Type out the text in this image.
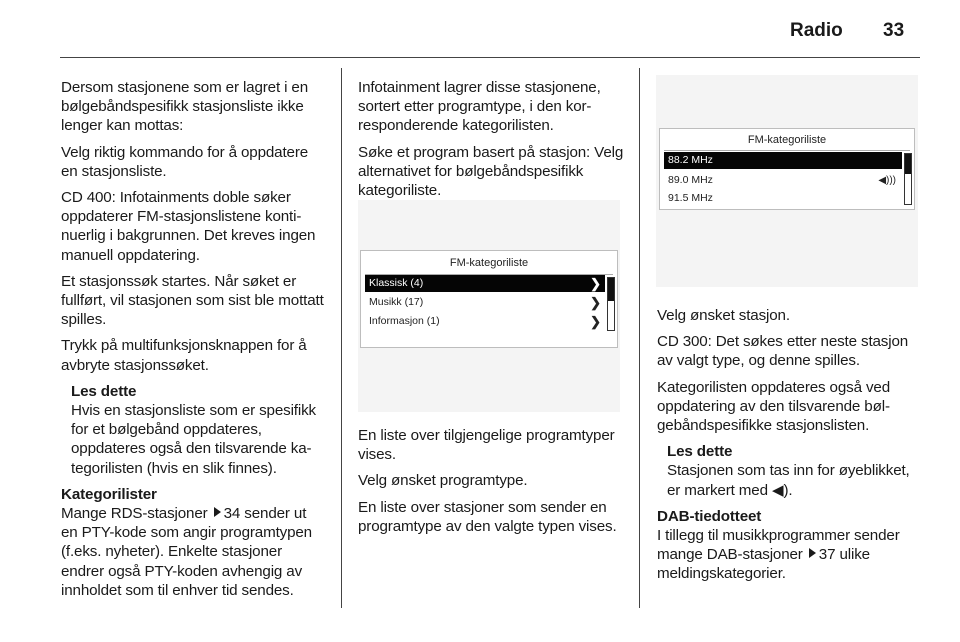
Radio 33

Dersom stasjonene som er lagret i en bølgebåndspesifikk stasjonsliste ikke lenger kan mottas:

Velg riktig kommando for å oppdatere en stasjonsliste.

CD 400: Infotainments doble søker oppdaterer FM-stasjonslistene kontinuerlig i bakgrunnen. Det kreves ingen manuell oppdatering.

Et stasjonssøk startes. Når søket er fullført, vil stasjonen som sist ble mottatt spilles.

Trykk på multifunksjonsknappen for å avbryte stasjonssøket.

Les dette
Hvis en stasjonsliste som er spesifikk for et bølgebånd oppdateres, oppdateres også den tilsvarende kategorilisten (hvis en slik finnes).
Kategorilister

Mange RDS-stasjoner 34 sender ut en PTY-kode som angir programtypen (f.eks. nyheter). Enkelte stasjoner endrer også PTY-koden avhengig av innholdet som til enhver tid sendes.

Infotainment lagrer disse stasjonene, sortert etter programtype, i den korresponderende kategorilisten.

Søke et program basert på stasjon: Velg alternativet for bølgebåndspesifikk kategoriliste.

FM-kategoriliste
Klassisk (4)	❯
Musikk (17)	❯
Informasjon (1)	❯

En liste over tilgjengelige programtyper vises.

Velg ønsket programtype.

En liste over stasjoner som sender en programtype av den valgte typen vises.

FM-kategoriliste
88.2 MHz
89.0 MHz	◀︎)))
91.5 MHz

Velg ønsket stasjon.

CD 300: Det søkes etter neste stasjon av valgt type, og denne spilles.

Kategorilisten oppdateres også ved oppdatering av den tilsvarende bølgebåndspesifikke stasjonslisten.

Les dette
Stasjonen som tas inn for øyeblikket, er markert med ◀︎).
DAB-tiedotteet

I tillegg til musikkprogrammer sender mange DAB-stasjoner 37 ulike meldingskategorier.
